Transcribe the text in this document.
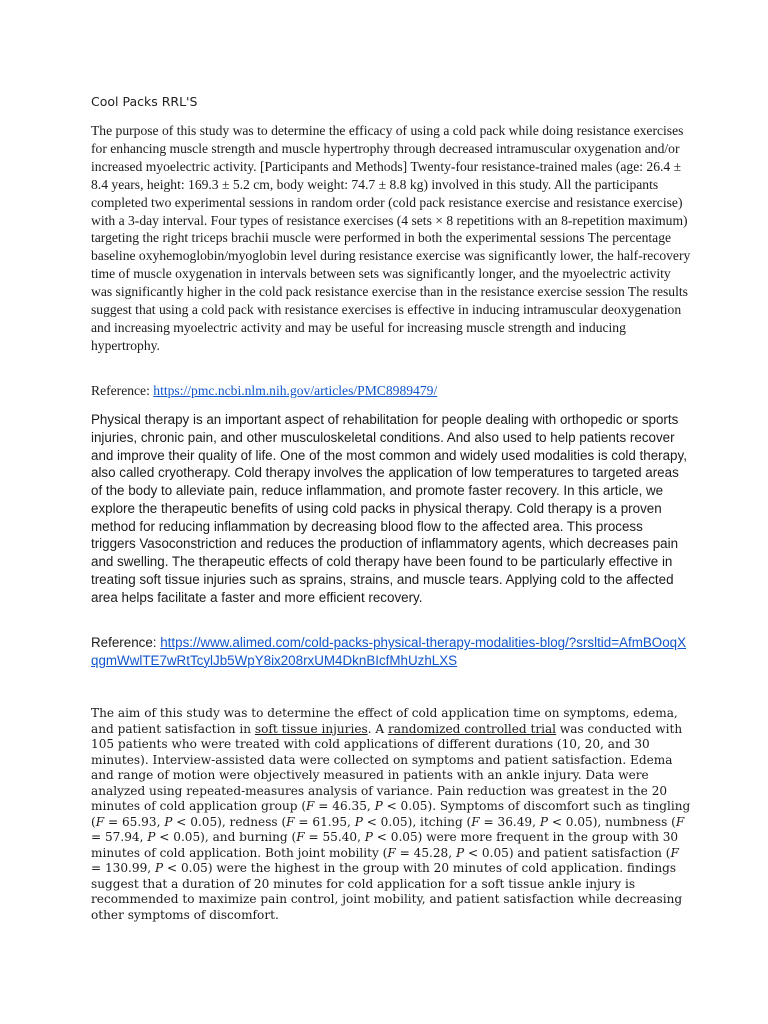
Cool Packs RRL'S
The purpose of this study was to determine the efficacy of using a cold pack while doing resistance exercises for enhancing muscle strength and muscle hypertrophy through decreased intramuscular oxygenation and/or increased myoelectric activity. [Participants and Methods] Twenty-four resistance-trained males (age: 26.4 ± 8.4 years, height: 169.3 ± 5.2 cm, body weight: 74.7 ± 8.8 kg) involved in this study. All the participants completed two experimental sessions in random order (cold pack resistance exercise and resistance exercise) with a 3-day interval. Four types of resistance exercises (4 sets × 8 repetitions with an 8-repetition maximum) targeting the right triceps brachii muscle were performed in both the experimental sessions The percentage baseline oxyhemoglobin/myoglobin level during resistance exercise was significantly lower, the half-recovery time of muscle oxygenation in intervals between sets was significantly longer, and the myoelectric activity was significantly higher in the cold pack resistance exercise than in the resistance exercise session The results suggest that using a cold pack with resistance exercises is effective in inducing intramuscular deoxygenation and increasing myoelectric activity and may be useful for increasing muscle strength and inducing hypertrophy.
Reference: https://pmc.ncbi.nlm.nih.gov/articles/PMC8989479/
Physical therapy is an important aspect of rehabilitation for people dealing with orthopedic or sports injuries, chronic pain, and other musculoskeletal conditions. And also used to help patients recover and improve their quality of life. One of the most common and widely used modalities is cold therapy, also called cryotherapy. Cold therapy involves the application of low temperatures to targeted areas of the body to alleviate pain, reduce inflammation, and promote faster recovery. In this article, we explore the therapeutic benefits of using cold packs in physical therapy. Cold therapy is a proven method for reducing inflammation by decreasing blood flow to the affected area. This process triggers Vasoconstriction and reduces the production of inflammatory agents, which decreases pain and swelling. The therapeutic effects of cold therapy have been found to be particularly effective in treating soft tissue injuries such as sprains, strains, and muscle tears. Applying cold to the affected area helps facilitate a faster and more efficient recovery.
Reference: https://www.alimed.com/cold-packs-physical-therapy-modalities-blog/?srsltid=AfmBOoqXqgmWwlTE7wRtTcylJb5WpY8ix208rxUM4DknBIcfMhUzhLXS
The aim of this study was to determine the effect of cold application time on symptoms, edema, and patient satisfaction in soft tissue injuries. A randomized controlled trial was conducted with 105 patients who were treated with cold applications of different durations (10, 20, and 30 minutes). Interview-assisted data were collected on symptoms and patient satisfaction. Edema and range of motion were objectively measured in patients with an ankle injury. Data were analyzed using repeated-measures analysis of variance. Pain reduction was greatest in the 20 minutes of cold application group (F = 46.35, P < 0.05). Symptoms of discomfort such as tingling (F = 65.93, P < 0.05), redness (F = 61.95, P < 0.05), itching (F = 36.49, P < 0.05), numbness (F = 57.94, P < 0.05), and burning (F = 55.40, P < 0.05) were more frequent in the group with 30 minutes of cold application. Both joint mobility (F = 45.28, P < 0.05) and patient satisfaction (F = 130.99, P < 0.05) were the highest in the group with 20 minutes of cold application. findings suggest that a duration of 20 minutes for cold application for a soft tissue ankle injury is recommended to maximize pain control, joint mobility, and patient satisfaction while decreasing other symptoms of discomfort.
